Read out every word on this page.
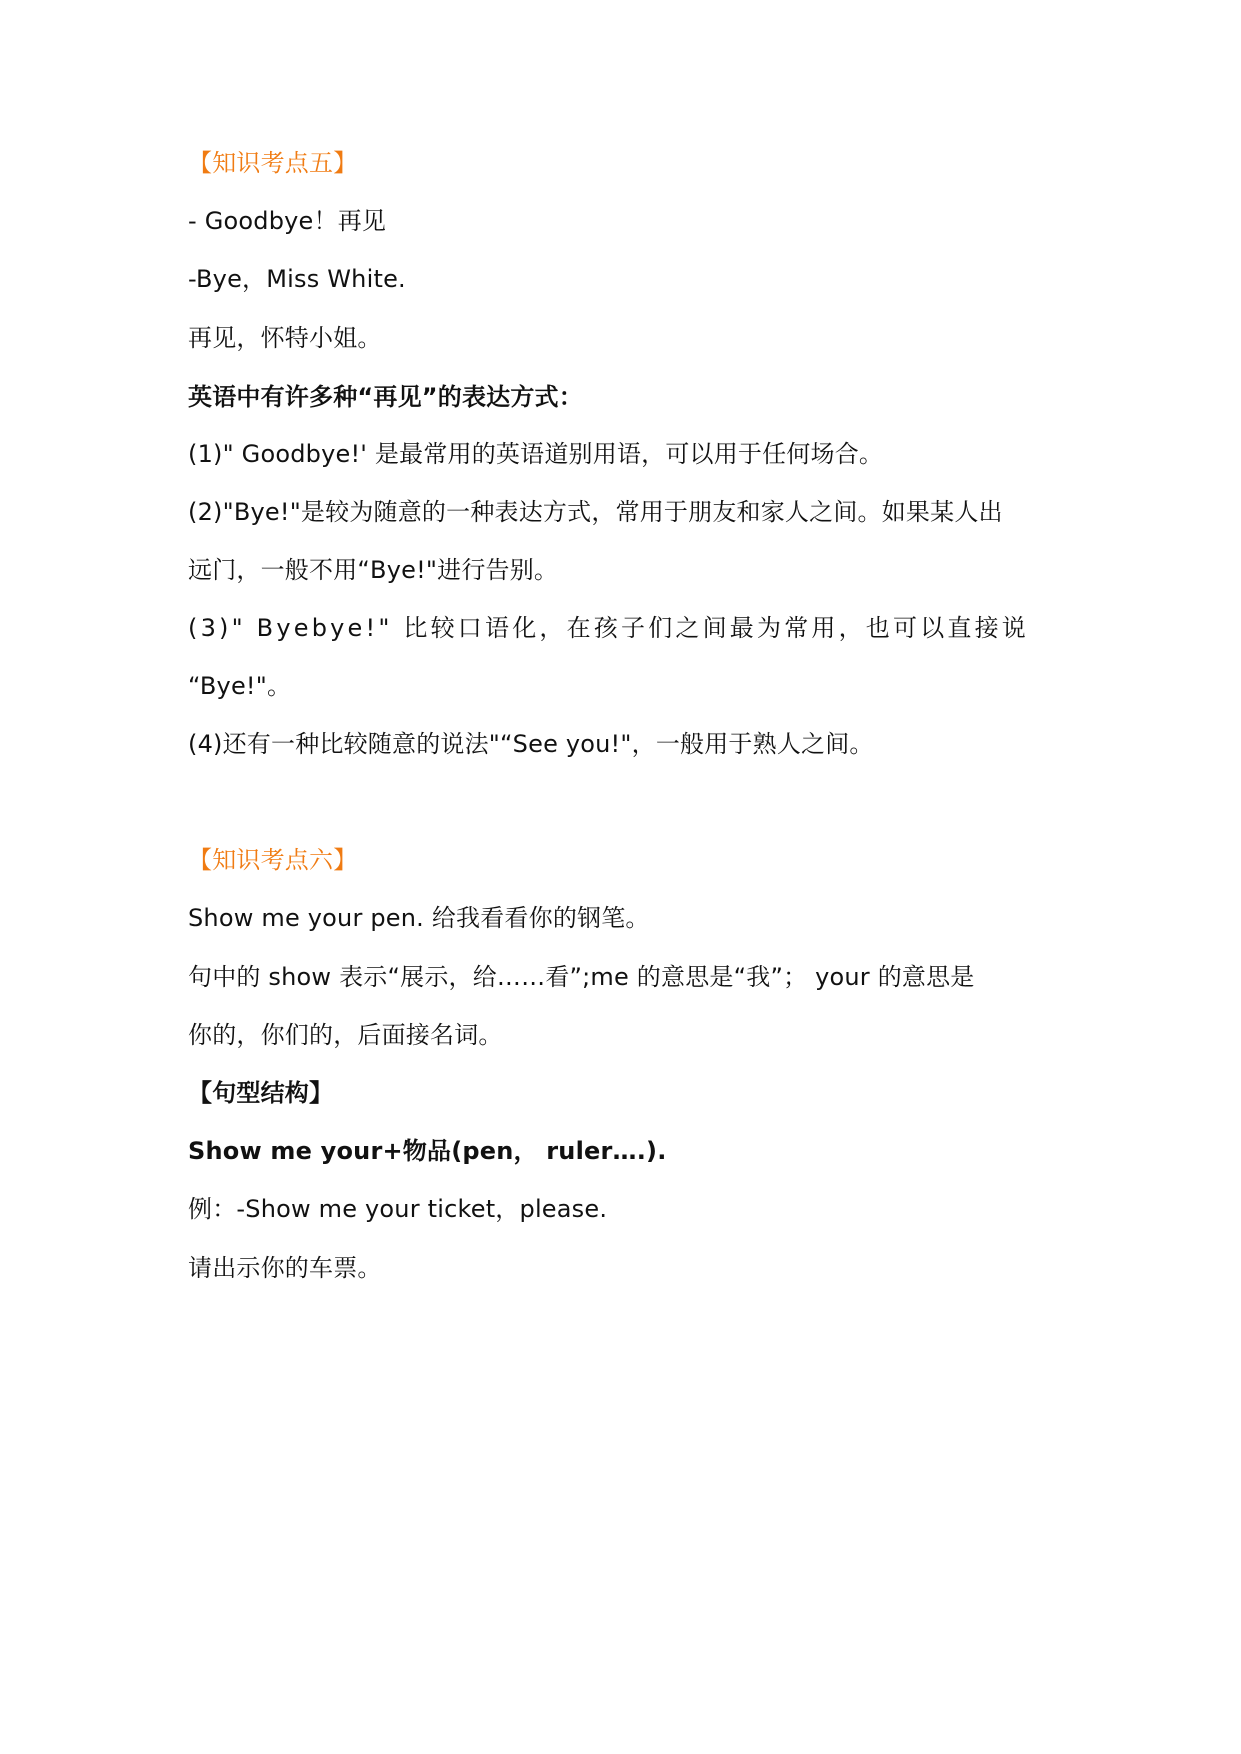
【知识考点五】
- Goodbye！再见
-Bye，Miss White.
再见，怀特小姐。
英语中有许多种“再见”的表达方式：
(1)" Goodbye!' 是最常用的英语道别用语，可以用于任何场合。
(2)"Bye!"是较为随意的一种表达方式，常用于朋友和家人之间。如果某人出
远门，一般不用“Bye!"进行告别。
(3)" Byebye!" 比较口语化，在孩子们之间最为常用，也可以直接说
“Bye!"。
(4)还有一种比较随意的说法"“See you!"，一般用于熟人之间。
【知识考点六】
Show me your pen. 给我看看你的钢笔。
句中的 show 表示“展示，给……看”;me 的意思是“我”； your 的意思是
你的，你们的，后面接名词。
【句型结构】
Show me your+物品(pen， ruler….).
例：-Show me your ticket，please.
请出示你的车票。
